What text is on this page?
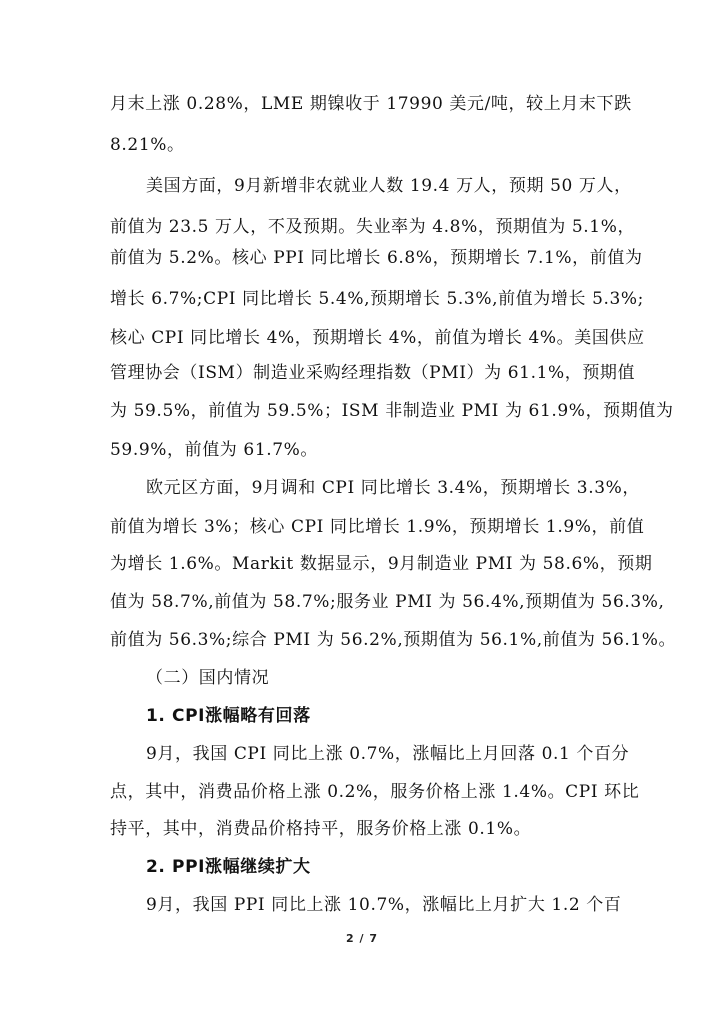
月末上涨 0.28%，LME 期镍收于 17990 美元/吨，较上月末下跌
8.21%。
美国方面，9月新增非农就业人数 19.4 万人，预期 50 万人，
前值为 23.5 万人，不及预期。失业率为 4.8%，预期值为 5.1%，
前值为 5.2%。核心 PPI 同比增长 6.8%，预期增长 7.1%，前值为
增长 6.7%;CPI 同比增长 5.4%,预期增长 5.3%,前值为增长 5.3%;
核心 CPI 同比增长 4%，预期增长 4%，前值为增长 4%。美国供应
管理协会（ISM）制造业采购经理指数（PMI）为 61.1%，预期值
为 59.5%，前值为 59.5%；ISM 非制造业 PMI 为 61.9%，预期值为
59.9%，前值为 61.7%。
欧元区方面，9月调和 CPI 同比增长 3.4%，预期增长 3.3%，
前值为增长 3%；核心 CPI 同比增长 1.9%，预期增长 1.9%，前值
为增长 1.6%。Markit 数据显示，9月制造业 PMI 为 58.6%，预期
值为 58.7%,前值为 58.7%;服务业 PMI 为 56.4%,预期值为 56.3%,
前值为 56.3%;综合 PMI 为 56.2%,预期值为 56.1%,前值为 56.1%。
（二）国内情况
1. CPI涨幅略有回落
9月，我国 CPI 同比上涨 0.7%，涨幅比上月回落 0.1 个百分
点，其中，消费品价格上涨 0.2%，服务价格上涨 1.4%。CPI 环比
持平，其中，消费品价格持平，服务价格上涨 0.1%。
2. PPI涨幅继续扩大
9月，我国 PPI 同比上涨 10.7%，涨幅比上月扩大 1.2 个百
2 / 7
